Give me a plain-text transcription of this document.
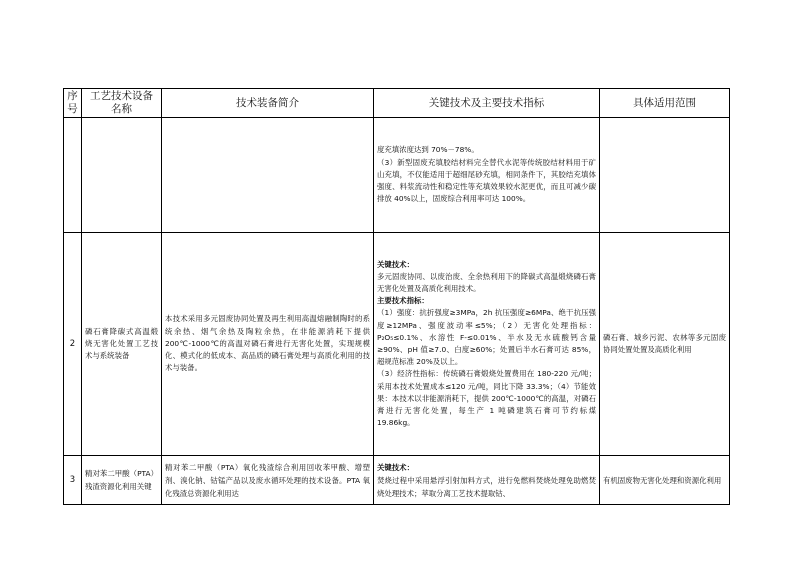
序号	工艺技术设备名称	技术装备简介	关键技术及主要技术指标	具体适用范围

			度充填浓度达到 70%－78%。

（3）新型固废充填胶结材料完全替代水泥等传统胶结材料用于矿山充填，不仅能适用于超细尾砂充填，相同条件下，其胶结充填体强度、料浆流动性和稳定性等充填效果较水泥更优，而且可减少碳排放 40%以上，固废综合利用率可达 100%。	

2	磷石膏降碳式高温煅烧无害化处置工艺技术与系统装备	本技术采用多元固废协同处置及再生利用高温熔融制陶时的系统余热、烟气余热及陶粒余热，在非能源消耗下提供 200℃-1000℃的高温对磷石膏进行无害化处置，实现规模化、模式化的低成本、高品质的磷石膏处理与高质化利用的技术与装备。	关键技术：

多元固废协同、以废治废、全余热利用下的降碳式高温煅烧磷石膏无害化处置及高质化利用技术。

主要技术指标：

（1）强度：抗折强度≥3MPa，2h 抗压强度≥6MPa、绝干抗压强度≥12MPa、强度波动率≤5%；（2）无害化处理指标：P₂O₅≤0.1%、水溶性 F-≤0.01%、半水及无水硫酸钙含量≥90%、pH 值≥7.0、白度≥60%；处置后半水石膏可达 85%，超规范标准 20%及以上。

（3）经济性指标：传统磷石膏煅烧处置费用在 180-220 元/吨；采用本技术处置成本≤120 元/吨，同比下降 33.3%；（4）节能效果：本技术以非能源消耗下，提供 200℃-1000℃的高温，对磷石膏进行无害化处置，每生产 1 吨磷建筑石膏可节约标煤 19.86kg。	磷石膏、城乡污泥、农林等多元固废协同处置处置及高质化利用
3	精对苯二甲酸（PTA）残渣资源化利用关键	精对苯二甲酸（PTA）氧化残渣综合利用回收苯甲酸、增塑剂、溴化钠、钴锰产品以及废水循环处理的技术设备。PTA 氧化残渣总资源化利用达	关键技术：

焚烧过程中采用悬浮引射加料方式，进行免燃料焚烧处理免助燃焚烧处理技术；萃取分离工艺技术提取钴、	有机固废物无害化处理和资源化利用
